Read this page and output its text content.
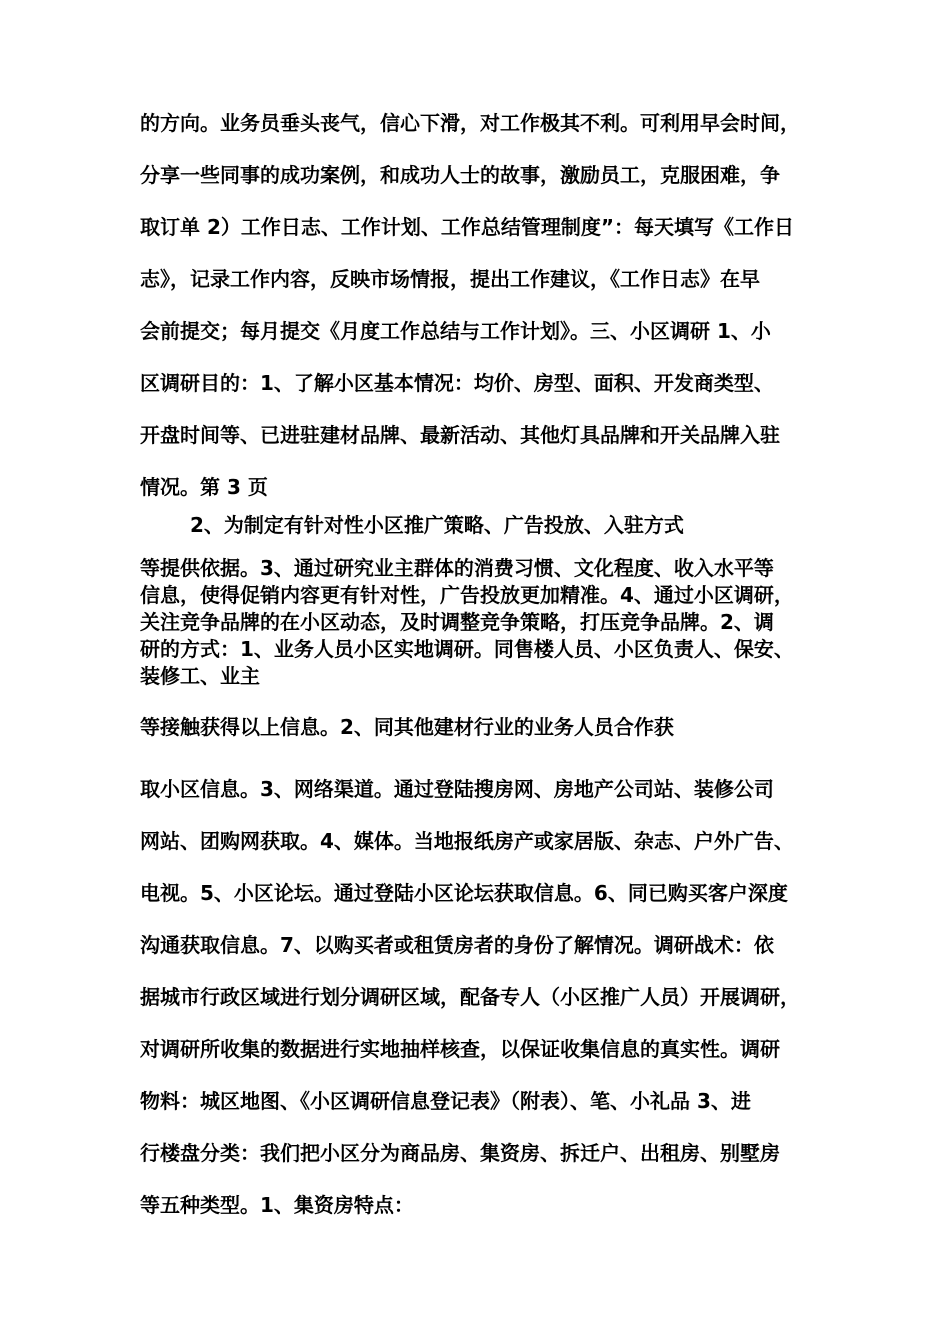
的方向。业务员垂头丧气，信心下滑，对工作极其不利。可利用早会时间，
分享一些同事的成功案例，和成功人士的故事，激励员工，克服困难，争
取订单 2）工作日志、工作计划、工作总结管理制度”：每天填写《工作日
志》，记录工作内容，反映市场情报，提出工作建议，《工作日志》在早
会前提交；每月提交《月度工作总结与工作计划》。三、小区调研 1、小
区调研目的：1、了解小区基本情况：均价、房型、面积、开发商类型、
开盘时间等、已进驻建材品牌、最新活动、其他灯具品牌和开关品牌入驻
情况。第 3 页
2、为制定有针对性小区推广策略、广告投放、入驻方式
等提供依据。3、通过研究业主群体的消费习惯、文化程度、收入水平等
信息，使得促销内容更有针对性，广告投放更加精准。4、通过小区调研，
关注竞争品牌的在小区动态，及时调整竞争策略，打压竞争品牌。2、调
研的方式：1、业务人员小区实地调研。同售楼人员、小区负责人、保安、
装修工、业主
等接触获得以上信息。2、同其他建材行业的业务人员合作获
取小区信息。3、网络渠道。通过登陆搜房网、房地产公司站、装修公司
网站、团购网获取。4、媒体。当地报纸房产或家居版、杂志、户外广告、
电视。5、小区论坛。通过登陆小区论坛获取信息。6、同已购买客户深度
沟通获取信息。7、以购买者或租赁房者的身份了解情况。调研战术：依
据城市行政区域进行划分调研区域，配备专人（小区推广人员）开展调研，
对调研所收集的数据进行实地抽样核查，以保证收集信息的真实性。调研
物料：城区地图、《小区调研信息登记表》（附表）、笔、小礼品 3、进
行楼盘分类：我们把小区分为商品房、集资房、拆迁户、出租房、别墅房
等五种类型。1、集资房特点：
